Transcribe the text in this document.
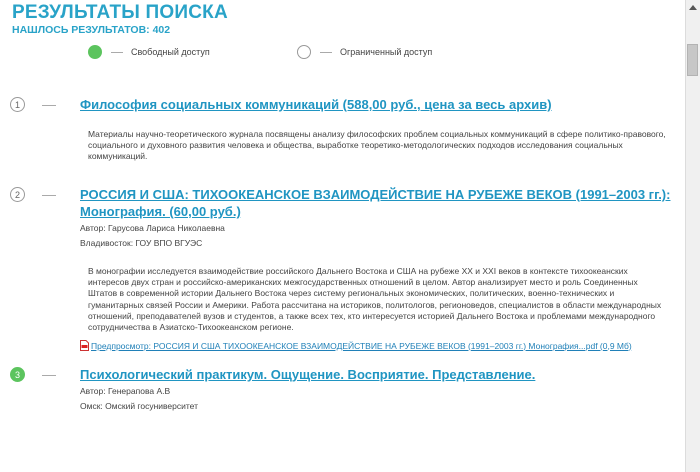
РЕЗУЛЬТАТЫ ПОИСКА
НАШЛОСЬ РЕЗУЛЬТАТОВ: 402
Свободный доступ	Ограниченный доступ
1	Философия социальных коммуникаций (588,00 руб., цена за весь архив)
Материалы научно-теоретического журнала посвящены анализу философских проблем социальных коммуникаций в сфере политико-правового, социального и духовного развития человека и общества, выработке теоретико-методологических подходов исследования социальных коммуникаций.
2	РОССИЯ И США: ТИХООКЕАНСКОЕ ВЗАИМОДЕЙСТВИЕ НА РУБЕЖЕ ВЕКОВ (1991–2003 гг.): Монография. (60,00 руб.)
Автор: Гарусова Лариса Николаевна
Владивосток: ГОУ ВПО ВГУЭС
В монографии исследуется взаимодействие российского Дальнего Востока и США на рубеже XX и XXI веков в контексте тихоокеанских интересов двух стран и российско-американских межгосударственных отношений в целом. Автор анализирует место и роль Соединенных Штатов в современной истории Дальнего Востока через систему региональных экономических, политических, военно-технических и гуманитарных связей России и Америки. Работа рассчитана на историков, политологов, регионоведов, специалистов в области международных отношений, преподавателей вузов и студентов, а также всех тех, кто интересуется историей Дальнего Востока и проблемами международного сотрудничества в Азиатско-Тихоокеанском регионе.
Предпросмотр: РОССИЯ И США ТИХООКЕАНСКОЕ ВЗАИМОДЕЙСТВИЕ НА РУБЕЖЕ ВЕКОВ (1991–2003 гг.) Монография...pdf (0,9 Мб)
3	Психологический практикум. Ощущение. Восприятие. Представление.
Автор: Генерапова А.В
Омск: Омский госуниверситет
